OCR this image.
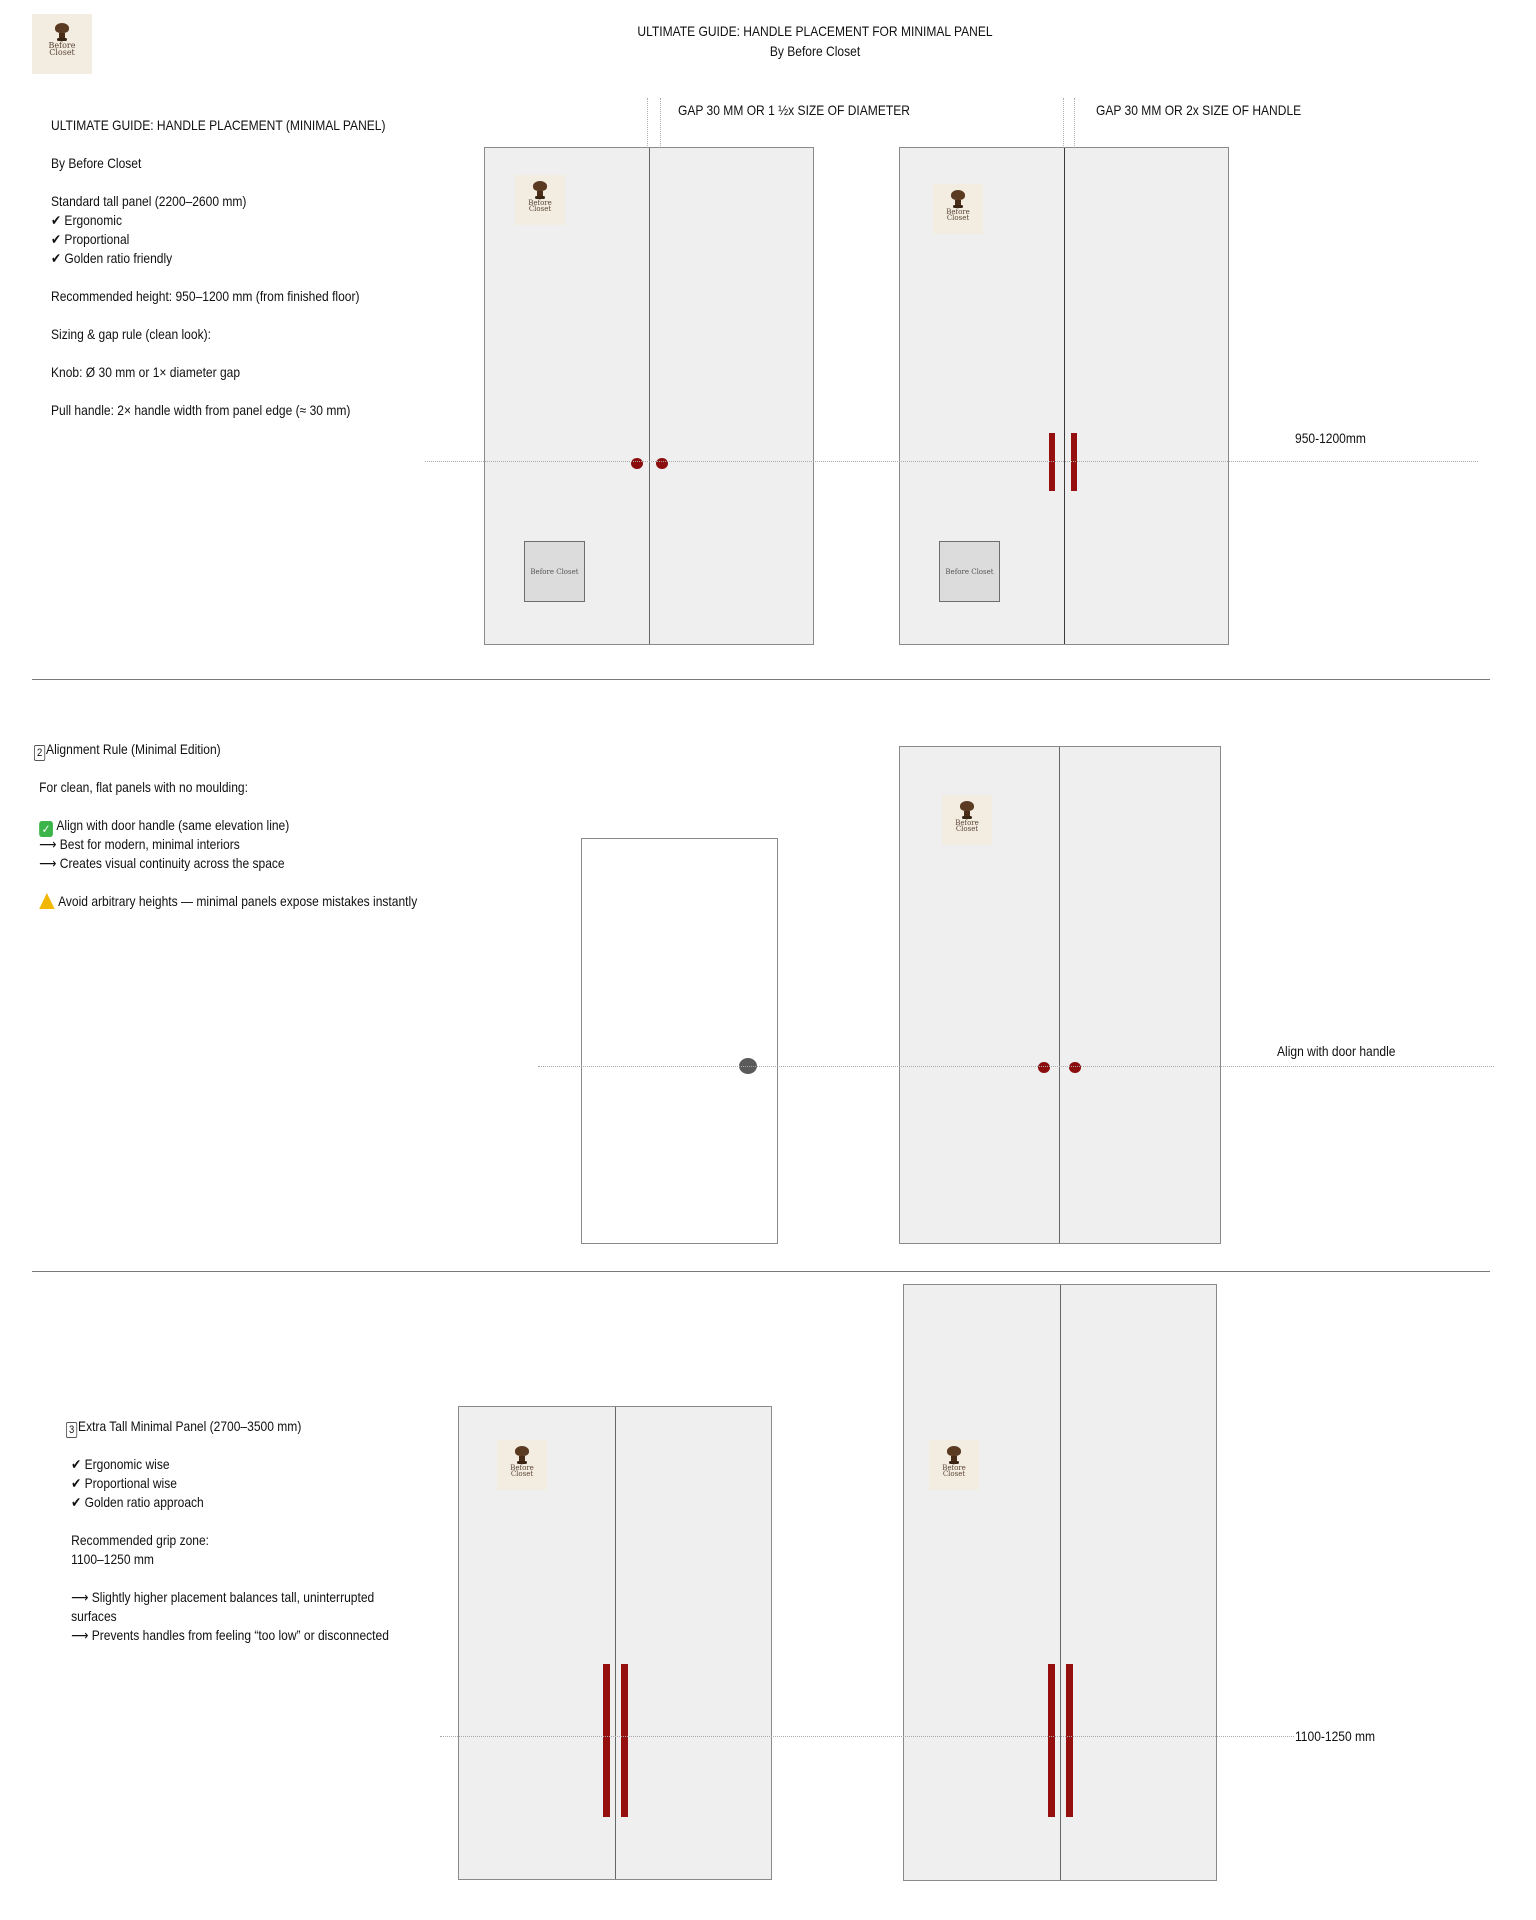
Before Closet
ULTIMATE GUIDE: HANDLE PLACEMENT FOR MINIMAL PANEL
By Before Closet
ULTIMATE GUIDE: HANDLE PLACEMENT (MINIMAL PANEL)
By Before Closet
Standard tall panel (2200–2600 mm)
✔ Ergonomic
✔ Proportional
✔ Golden ratio friendly
Recommended height: 950–1200 mm (from finished floor)
Sizing & gap rule (clean look):
Knob: Ø 30 mm or 1× diameter gap
Pull handle: 2× handle width from panel edge (≈ 30 mm)
GAP 30 MM OR 1 ½x SIZE OF DIAMETER	GAP 30 MM OR 2x SIZE OF HANDLE
Before Closet
Before Closet
Before Closet
Before Closet
950-1200mm
2 Alignment Rule (Minimal Edition)
For clean, flat panels with no moulding:
✓ Align with door handle (same elevation line)
⟶ Best for modern, minimal interiors
⟶ Creates visual continuity across the space
Avoid arbitrary heights — minimal panels expose mistakes instantly
Before Closet
Align with door handle
3 Extra Tall Minimal Panel (2700–3500 mm)
✔ Ergonomic wise
✔ Proportional wise
✔ Golden ratio approach
Recommended grip zone:
1100–1250 mm
⟶ Slightly higher placement balances tall, uninterrupted
surfaces
⟶ Prevents handles from feeling “too low” or disconnected
Before Closet
Before Closet
1100-1250 mm
